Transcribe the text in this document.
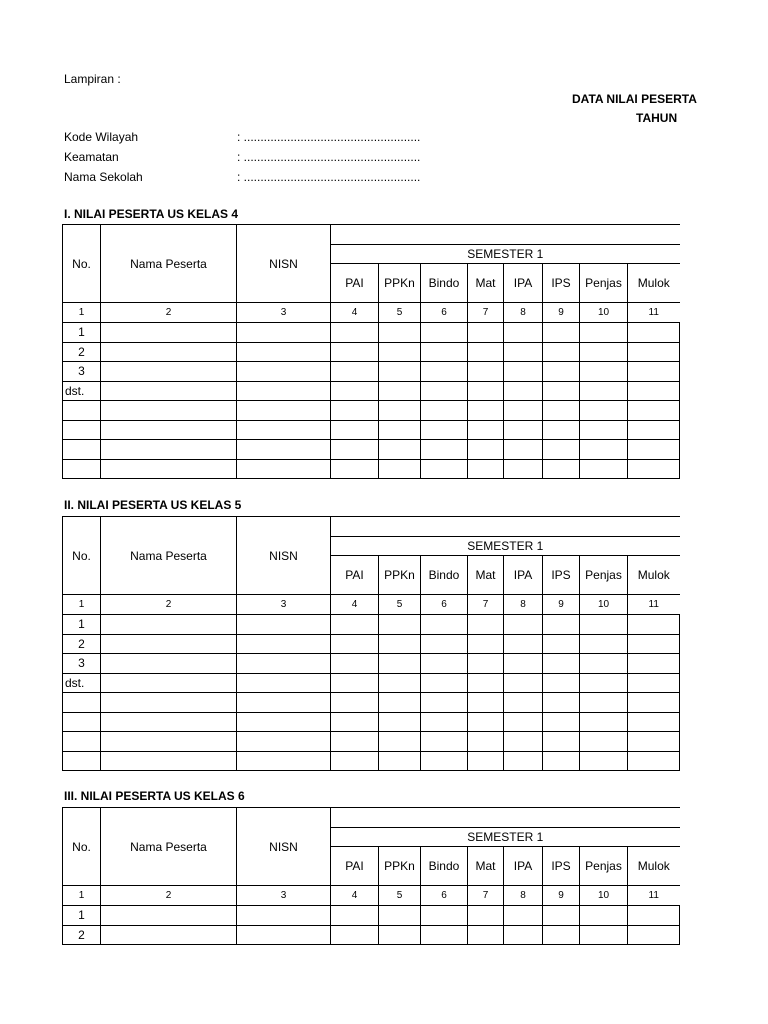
Lampiran :
DATA NILAI PESERTA
TAHUN
Kode Wilayah	: .....................................................
Keamatan	: .....................................................
Nama Sekolah	: .....................................................
I. NILAI PESERTA US KELAS 4
No.	Nama Peserta	NISN								
			SEMESTER 1							
			PAI	PPKn	Bindo	Mat	IPA	IPS	Penjas	Mulok
1	2	3	4	5	6	7	8	9	10	11
1										
2										
3										
dst.										

II. NILAI PESERTA US KELAS 5
No.	Nama Peserta	NISN								
			SEMESTER 1							
			PAI	PPKn	Bindo	Mat	IPA	IPS	Penjas	Mulok
1	2	3	4	5	6	7	8	9	10	11
1										
2										
3										
dst.										

III. NILAI PESERTA US KELAS 6
No.	Nama Peserta	NISN								
			SEMESTER 1							
			PAI	PPKn	Bindo	Mat	IPA	IPS	Penjas	Mulok
1	2	3	4	5	6	7	8	9	10	11
1										
2										
